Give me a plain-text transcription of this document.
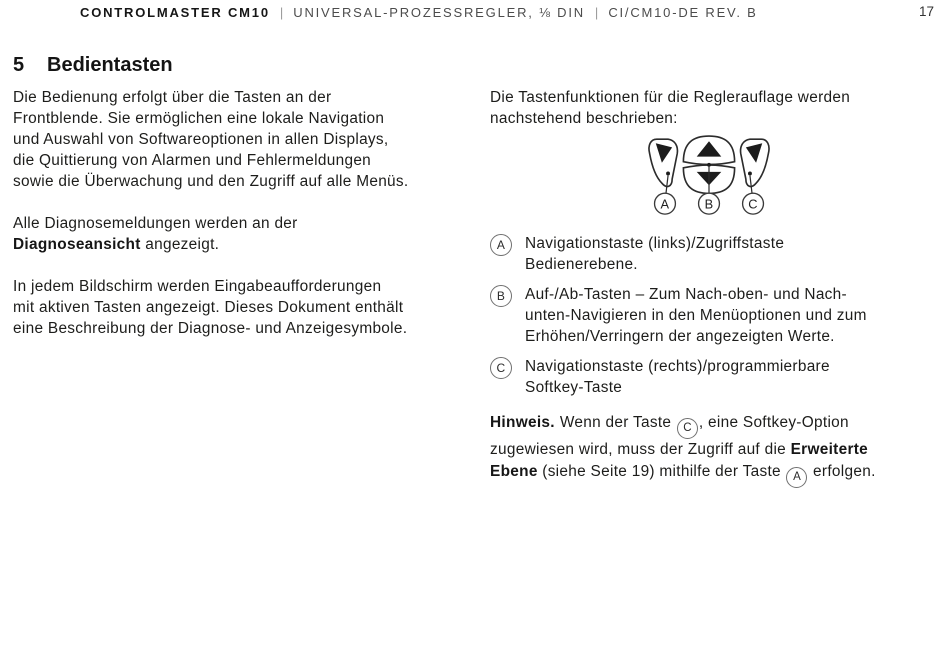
CONTROLMASTER CM10 | UNIVERSAL-PROZESSREGLER, ⅛ DIN | CI/CM10-DE REV. B	17
5	Bedientasten
Die Bedienung erfolgt über die Tasten an der
Frontblende. Sie ermöglichen eine lokale Navigation
und Auswahl von Softwareoptionen in allen Displays,
die Quittierung von Alarmen und Fehlermeldungen
sowie die Überwachung und den Zugriff auf alle Menüs.
Alle Diagnosemeldungen werden an der
Diagnoseansicht angezeigt.
In jedem Bildschirm werden Eingabeaufforderungen
mit aktiven Tasten angezeigt. Dieses Dokument enthält
eine Beschreibung der Diagnose- und Anzeigesymbole.
Die Tastenfunktionen für die Reglerauflage werden
nachstehend beschrieben:
A	B	C
A	Navigationstaste (links)/Zugriffstaste
Bedienerebene.
B	Auf-/Ab-Tasten – Zum Nach-oben- und Nach-
unten-Navigieren in den Menüoptionen und zum
Erhöhen/Verringern der angezeigten Werte.
C	Navigationstaste (rechts)/programmierbare
Softkey-Taste
Hinweis. Wenn der Taste C , eine Softkey-Option
zugewiesen wird, muss der Zugriff auf die Erweiterte
Ebene (siehe Seite 19) mithilfe der Taste A erfolgen.
